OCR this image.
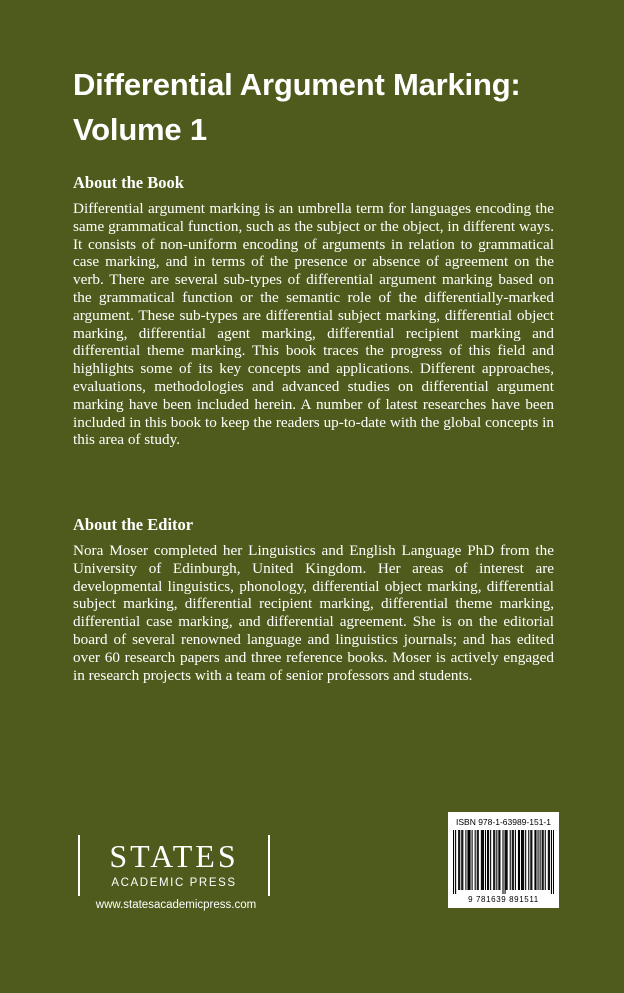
Differential Argument Marking: Volume 1
About the Book

Differential argument marking is an umbrella term for languages encoding the same grammatical function, such as the subject or the object, in different ways. It consists of non-uniform encoding of arguments in relation to grammatical case marking, and in terms of the presence or absence of agreement on the verb. There are several sub-types of differential argument marking based on the grammatical function or the semantic role of the differentially-marked argument. These sub-types are differential subject marking, differential object marking, differential agent marking, differential recipient marking and differential theme marking. This book traces the progress of this field and highlights some of its key concepts and applications. Different approaches, evaluations, methodologies and advanced studies on differential argument marking have been included herein. A number of latest researches have been included in this book to keep the readers up-to-date with the global concepts in this area of study.

About the Editor

Nora Moser completed her Linguistics and English Language PhD from the University of Edinburgh, United Kingdom. Her areas of interest are developmental linguistics, phonology, differential object marking, differential subject marking, differential recipient marking, differential theme marking, differential case marking, and differential agreement. She is on the editorial board of several renowned language and linguistics journals; and has edited over 60 research papers and three reference books. Moser is actively engaged in research projects with a team of senior professors and students.

STATES
ACADEMIC PRESS
www.statesacademicpress.com
ISBN 978-1-63989-151-1
9 781639 891511
